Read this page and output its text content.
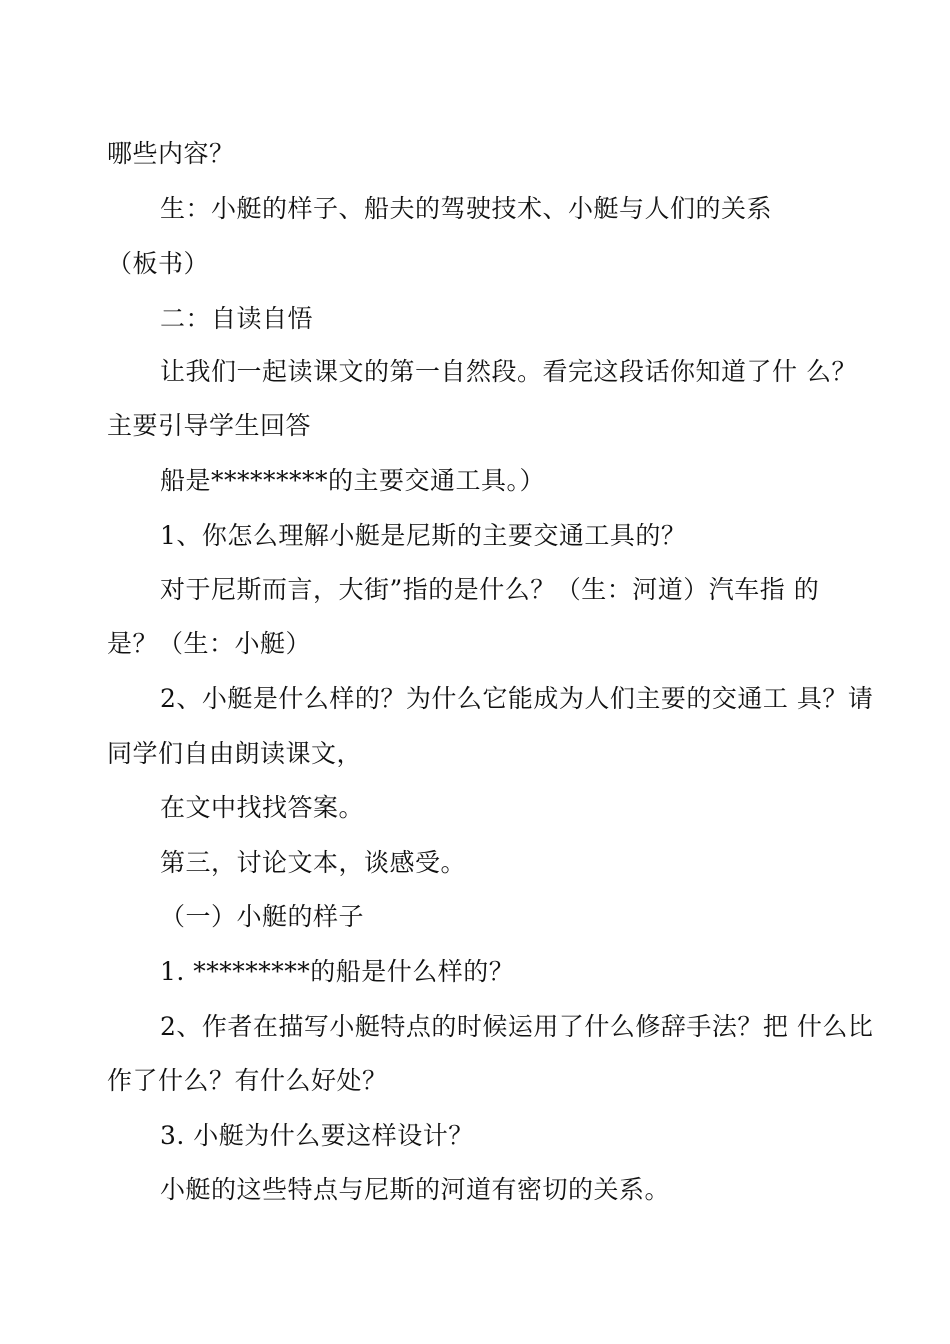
哪些内容？

生：小艇的样子、船夫的驾驶技术、小艇与人们的关系

（板书）

二：自读自悟

让我们一起读课文的第一自然段。看完这段话你知道了什 么？

主要引导学生回答

船是*********的主要交通工具。）

1、你怎么理解小艇是尼斯的主要交通工具的？

对于尼斯而言，大街”指的是什么？（生：河道）汽车指 的

是？（生：小艇）

2、小艇是什么样的？为什么它能成为人们主要的交通工 具？请

同学们自由朗读课文，

在文中找找答案。

第三，讨论文本，谈感受。

（一）小艇的样子

1. *********的船是什么样的？

2、作者在描写小艇特点的时候运用了什么修辞手法？把 什么比

作了什么？有什么好处？

3. 小艇为什么要这样设计？

小艇的这些特点与尼斯的河道有密切的关系。
